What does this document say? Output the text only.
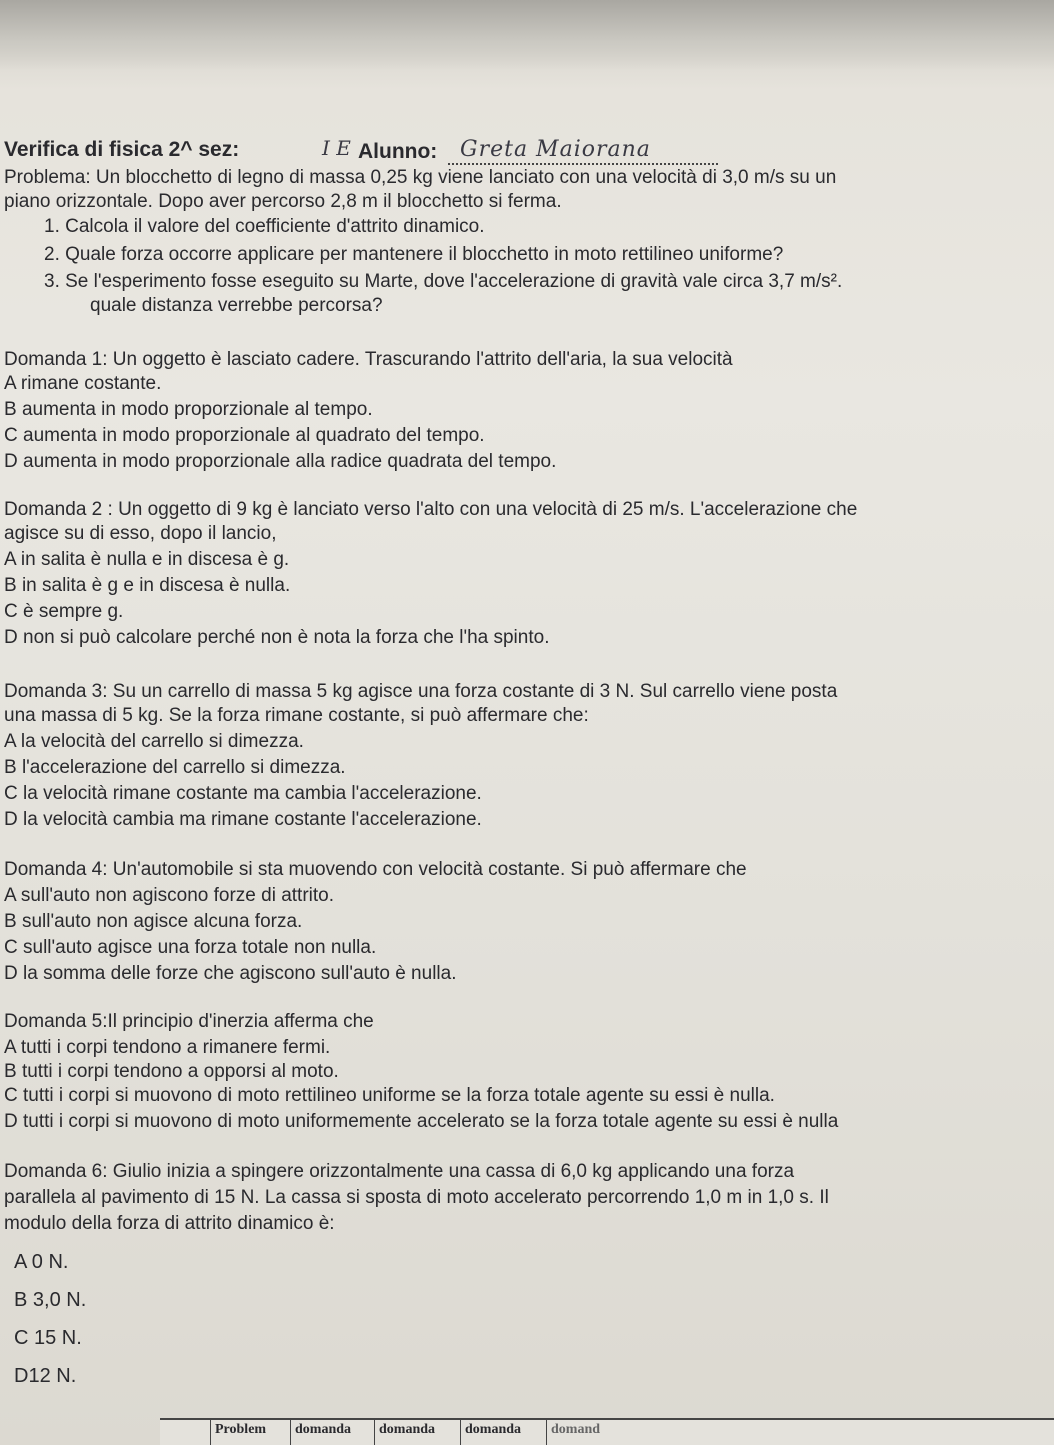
Verifica di fisica 2^ sez:	I E Alunno: Greta Maiorana
Problema: Un blocchetto di legno di massa 0,25 kg viene lanciato con una velocità di 3,0 m/s su un
piano orizzontale. Dopo aver percorso 2,8 m il blocchetto si ferma.
1. Calcola il valore del coefficiente d'attrito dinamico.
2. Quale forza occorre applicare per mantenere il blocchetto in moto rettilineo uniforme?
3. Se l'esperimento fosse eseguito su Marte, dove l'accelerazione di gravità vale circa 3,7 m/s².
quale distanza verrebbe percorsa?
Domanda 1: Un oggetto è lasciato cadere. Trascurando l'attrito dell'aria, la sua velocità
A rimane costante.
B aumenta in modo proporzionale al tempo.
C aumenta in modo proporzionale al quadrato del tempo.
D aumenta in modo proporzionale alla radice quadrata del tempo.
Domanda 2 : Un oggetto di 9 kg è lanciato verso l'alto con una velocità di 25 m/s. L'accelerazione che
agisce su di esso, dopo il lancio,
A in salita è nulla e in discesa è g.
B in salita è g e in discesa è nulla.
C è sempre g.
D non si può calcolare perché non è nota la forza che l'ha spinto.
Domanda 3: Su un carrello di massa 5 kg agisce una forza costante di 3 N. Sul carrello viene posta
una massa di 5 kg. Se la forza rimane costante, si può affermare che:
A la velocità del carrello si dimezza.
B l'accelerazione del carrello si dimezza.
C la velocità rimane costante ma cambia l'accelerazione.
D la velocità cambia ma rimane costante l'accelerazione.
Domanda 4: Un'automobile si sta muovendo con velocità costante. Si può affermare che
A sull'auto non agiscono forze di attrito.
B sull'auto non agisce alcuna forza.
C sull'auto agisce una forza totale non nulla.
D la somma delle forze che agiscono sull'auto è nulla.
Domanda 5:Il principio d'inerzia afferma che
A tutti i corpi tendono a rimanere fermi.
B tutti i corpi tendono a opporsi al moto.
C tutti i corpi si muovono di moto rettilineo uniforme se la forza totale agente su essi è nulla.
D tutti i corpi si muovono di moto uniformemente accelerato se la forza totale agente su essi è nulla
Domanda 6: Giulio inizia a spingere orizzontalmente una cassa di 6,0 kg applicando una forza
parallela al pavimento di 15 N. La cassa si sposta di moto accelerato percorrendo 1,0 m in 1,0 s. Il
modulo della forza di attrito dinamico è:
A 0 N.
B 3,0 N.
C 15 N.
D12 N.
Problem	domanda	domanda	domanda	domand
